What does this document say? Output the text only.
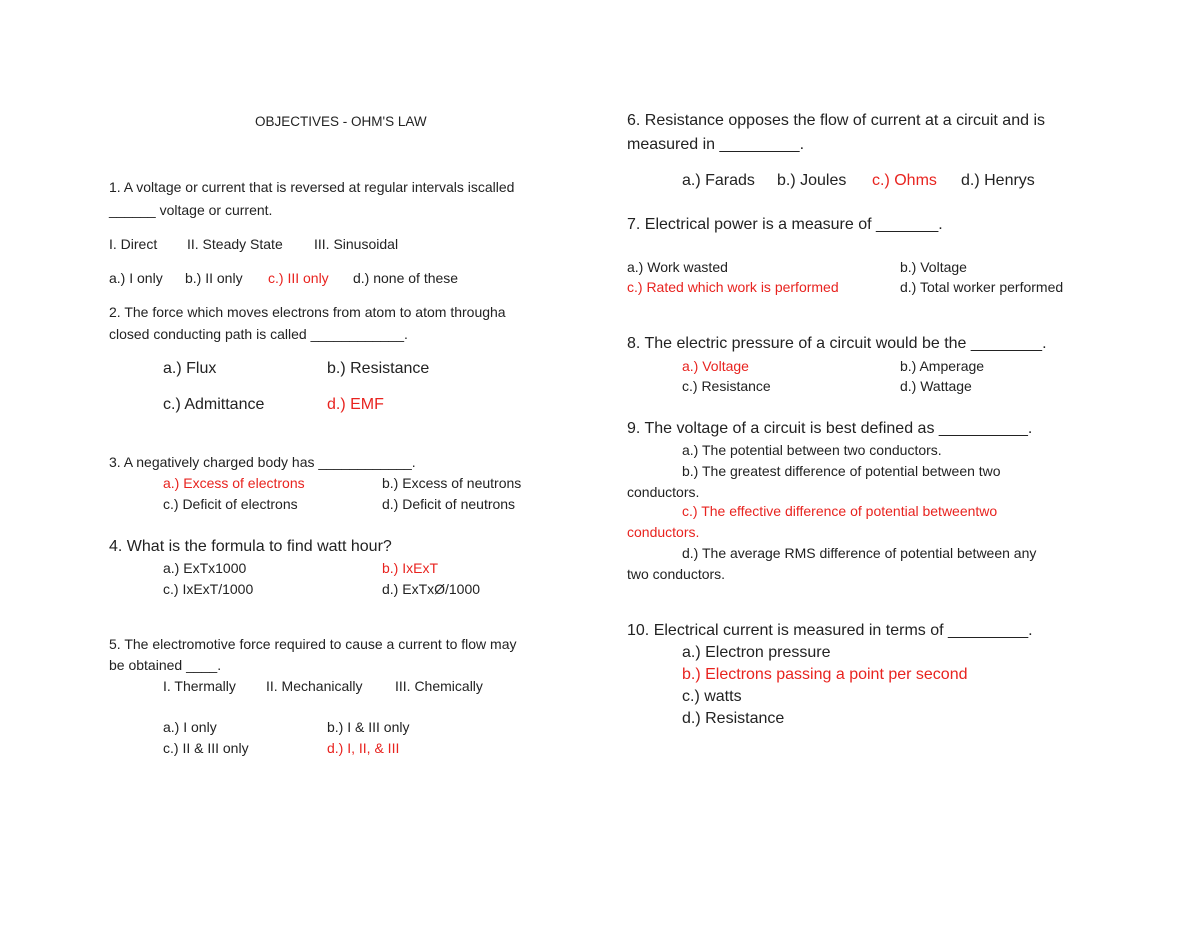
OBJECTIVES - OHM'S LAW
1. A voltage or current that is reversed at regular intervals iscalled
______ voltage or current.
I. Direct II. Steady State III. Sinusoidal
a.) I only b.) II only c.) III only d.) none of these
2. The force which moves electrons from atom to atom througha
closed conducting path is called ____________.
a.) Flux	b.) Resistance
c.) Admittance	d.) EMF
3. A negatively charged body has ____________.
a.) Excess of electrons	b.) Excess of neutrons
c.) Deficit of electrons	d.) Deficit of neutrons
4. What is the formula to find watt hour?
a.) ExTx1000	b.) IxExT
c.) IxExT/1000	d.) ExTxØ/1000
5. The electromotive force required to cause a current to flow may
be obtained ____.
I. Thermally II. Mechanically III. Chemically
a.) I only	b.) I & III only
c.) II & III only	d.) I, II, & III
6. Resistance opposes the flow of current at a circuit and is
measured in _________.
a.) Farads b.) Joules c.) Ohms d.) Henrys
7. Electrical power is a measure of _______.
a.) Work wasted	b.) Voltage
c.) Rated which work is performed	d.) Total worker performed
8. The electric pressure of a circuit would be the ________.
a.) Voltage	b.) Amperage
c.) Resistance	d.) Wattage
9. The voltage of a circuit is best defined as __________.
a.) The potential between two conductors.
b.) The greatest difference of potential between two
conductors.
c.) The effective difference of potential betweentwo
conductors.
d.) The average RMS difference of potential between any
two conductors.
10. Electrical current is measured in terms of _________.
a.) Electron pressure
b.) Electrons passing a point per second
c.) watts
d.) Resistance
